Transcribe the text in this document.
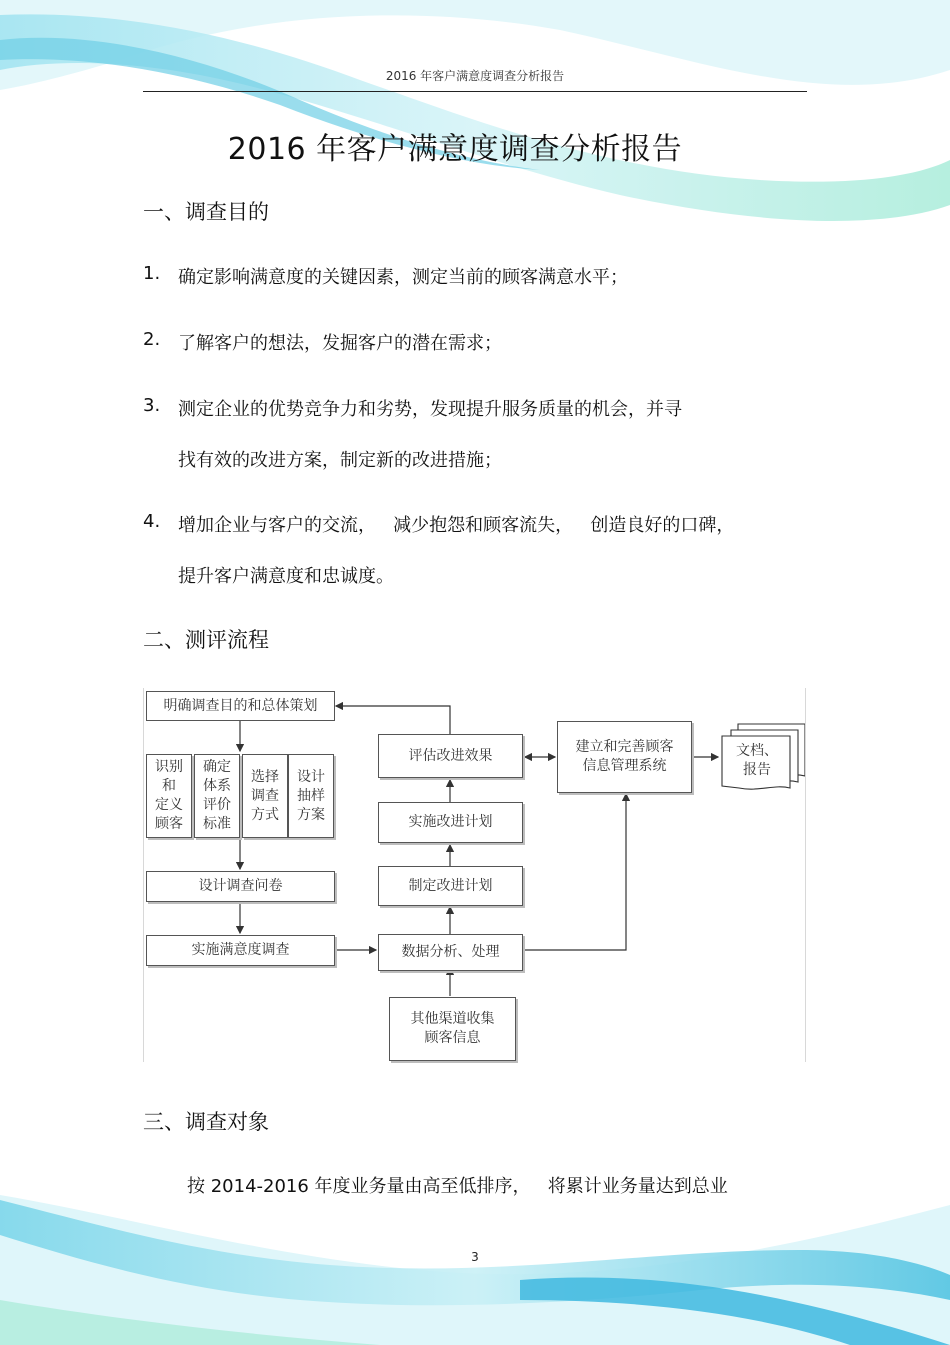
2016 年客户满意度调查分析报告
2016 年客户满意度调查分析报告
一、调查目的
1. 确定影响满意度的关键因素，测定当前的顾客满意水平；
2. 了解客户的想法，发掘客户的潜在需求；
3. 测定企业的优势竞争力和劣势，发现提升服务质量的机会，并寻
找有效的改进方案，制定新的改进措施；
4. 增加企业与客户的交流，   减少抱怨和顾客流失，   创造良好的口碑，
提升客户满意度和忠诚度。
二、测评流程
明确调查目的和总体策划
识别
和
定义
顾客
确定
体系
评价
标准
选择
调查
方式
设计
抽样
方案
设计调查问卷
实施满意度调查
评估改进效果
实施改进计划
制定改进计划
数据分析、处理
其他渠道收集
顾客信息
建立和完善顾客
信息管理系统
文档、
报告
三、调查对象
按 2014-2016 年度业务量由高至低排序，   将累计业务量达到总业
3
